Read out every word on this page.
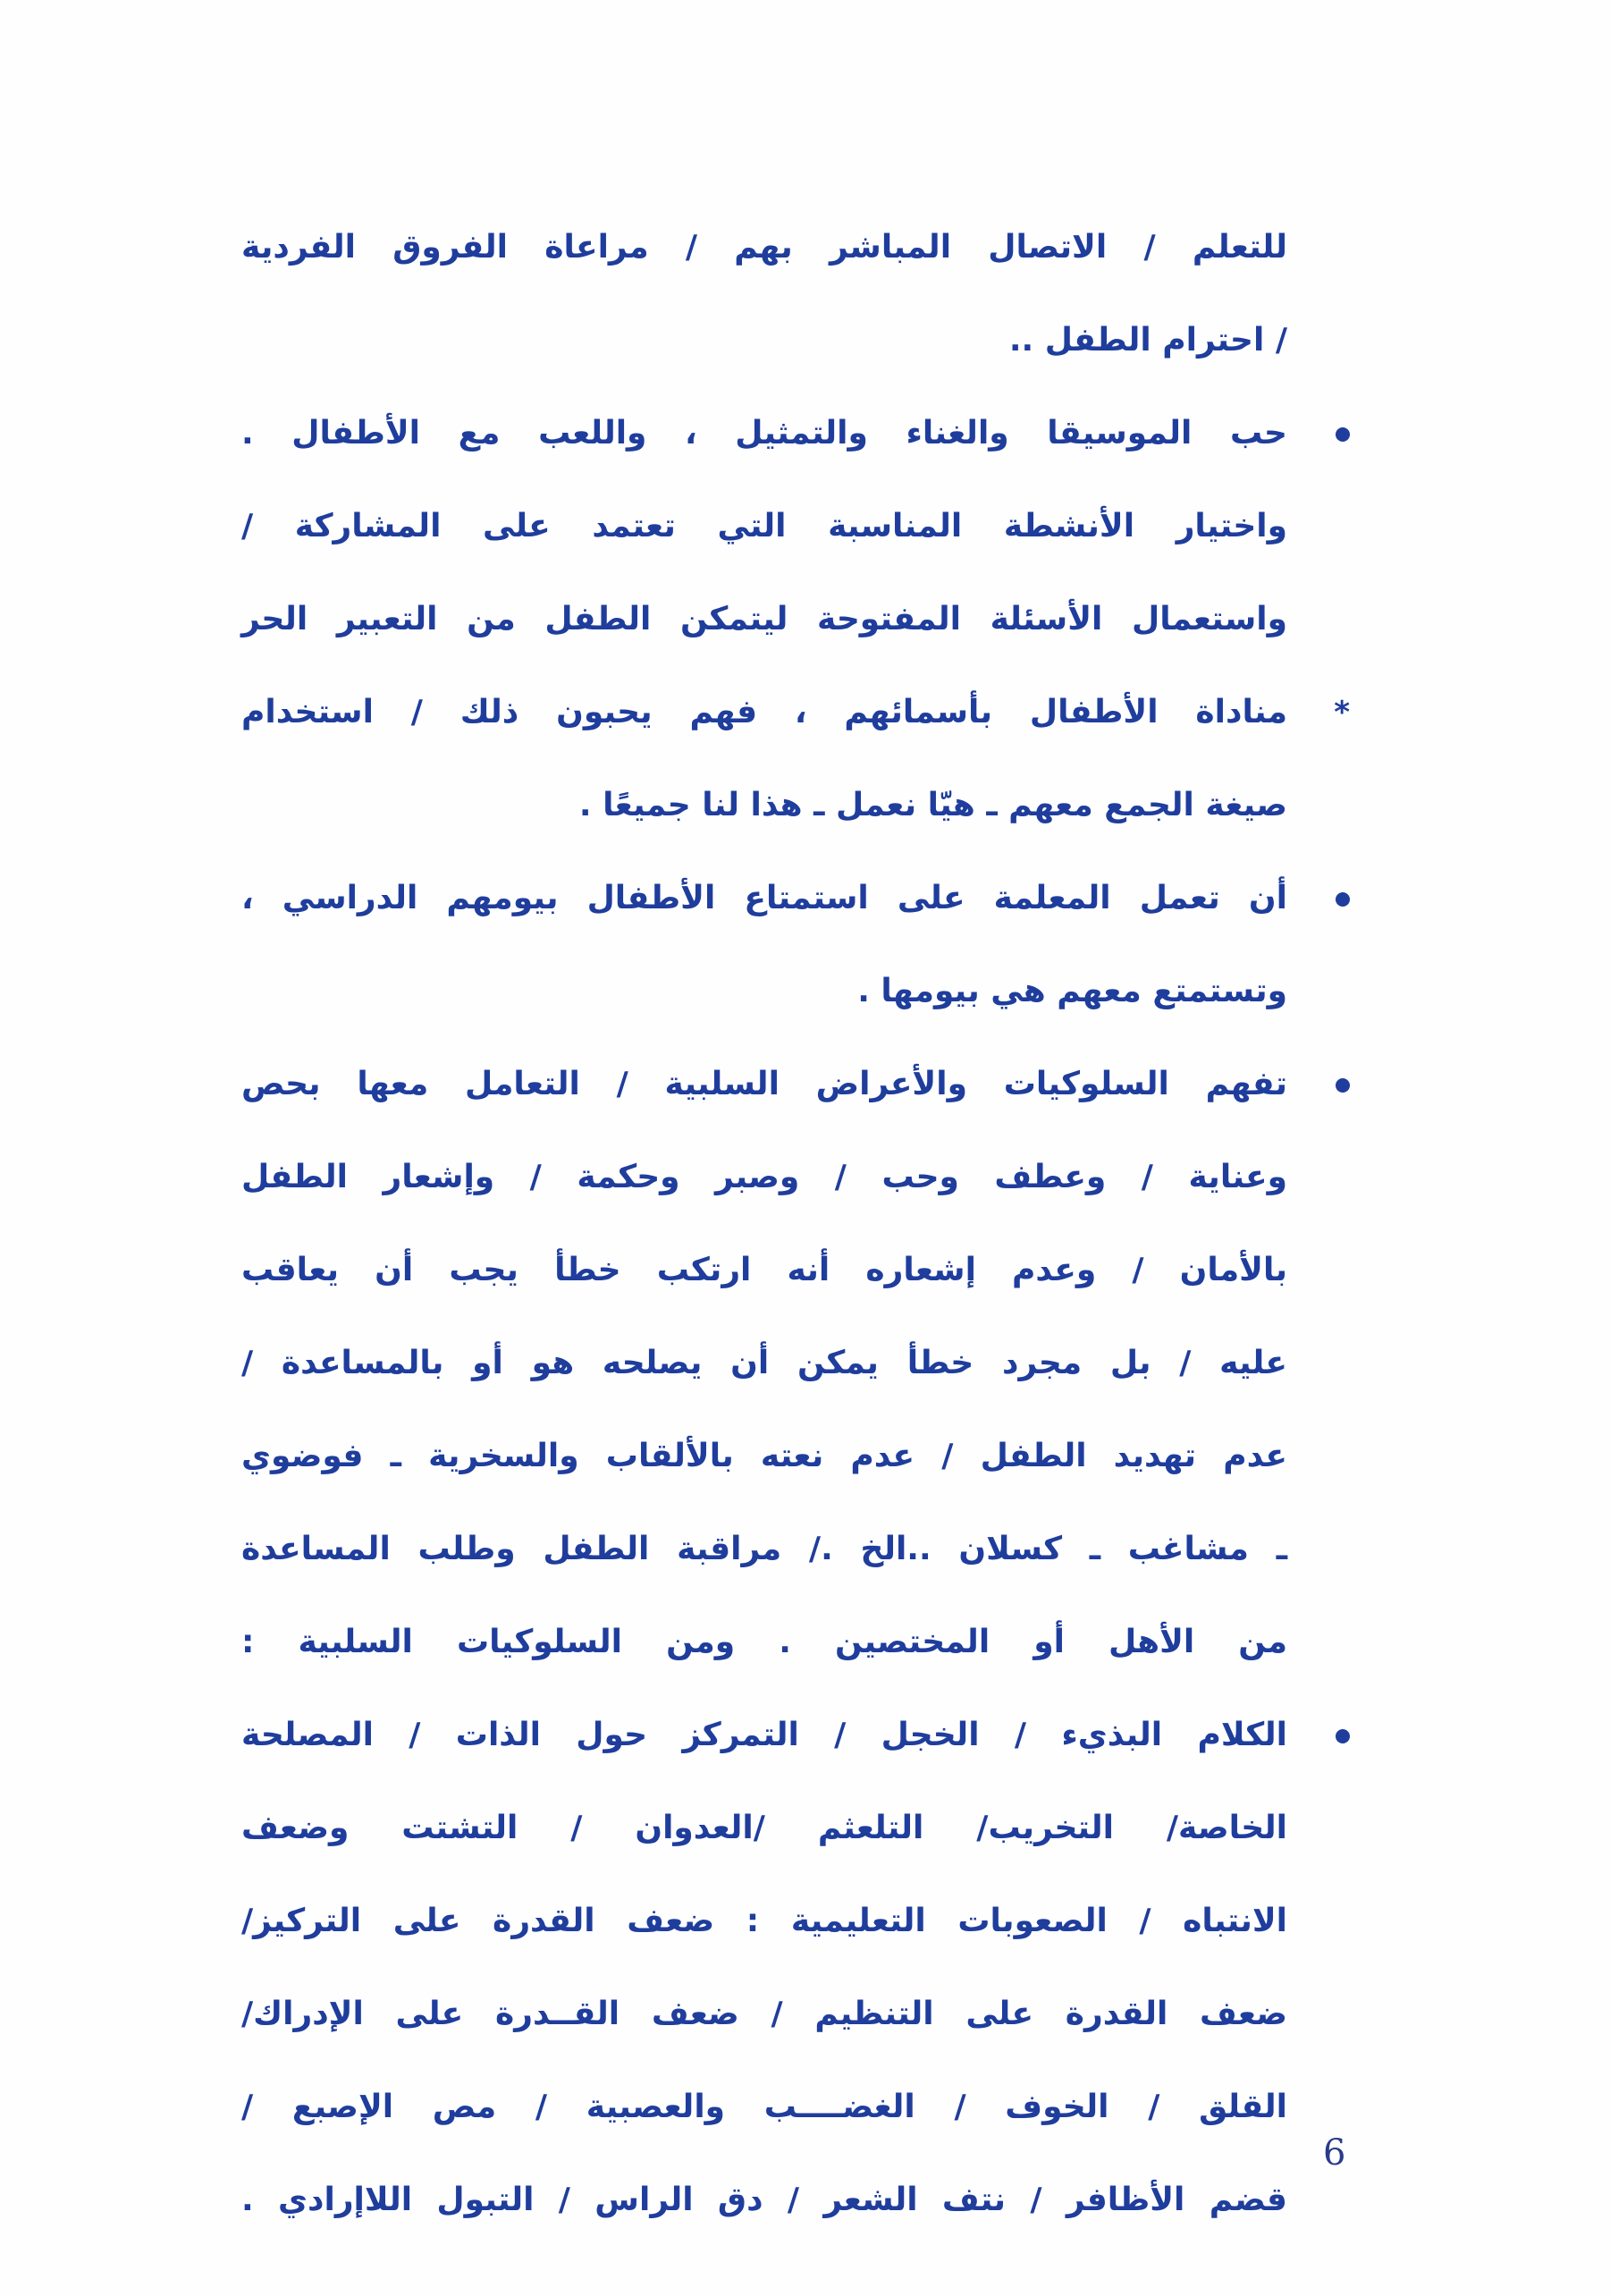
للتعلم / الاتصال المباشر بهم / مراعاة الفروق الفردية
/ احترام الطفل ..
حب الموسيقا والغناء والتمثيل ، واللعب مع الأطفال .
واختيار الأنشطة المناسبة التي تعتمد على المشاركة /
واستعمال الأسئلة المفتوحة ليتمكن الطفل من التعبير الحر
مناداة الأطفال بأسمائهم ، فهم يحبون ذلك / استخدام	*
صيغة الجمع معهم ـ هيّا نعمل ـ هذا لنا جميعًا .
أن تعمل المعلمة على استمتاع الأطفال بيومهم الدراسي ،
وتستمتع معهم هي بيومها .
تفهم السلوكيات والأعراض السلبية / التعامل معها بحص
وعناية / وعطف وحب / وصبر وحكمة / وإشعار الطفل
بالأمان / وعدم إشعاره أنه ارتكب خطأ يجب أن يعاقب
عليه / بل مجرد خطأ يمكن أن يصلحه هو أو بالمساعدة /
عدم تهديد الطفل / عدم نعته بالألقاب والسخرية ـ فوضوي
ـ مشاغب ـ كسلان ..الخ ./ مراقبة الطفل وطلب المساعدة
من الأهل أو المختصين . ومن السلوكيات السلبية :
الكلام البذيء / الخجل / التمركز حول الذات / المصلحة
الخاصة/ التخريب/ التلعثم /العدوان / التشتت وضعف
الانتباه / الصعوبات التعليمية : ضعف القدرة على التركيز/
ضعف القدرة على التنظيم / ضعف القــدرة على الإدراك/
القلق / الخوف / الغضــــب والعصبية / مص الإصبع /
قضم الأظافر / نتف الشعر / دق الراس / التبول اللاإرادي .
6
